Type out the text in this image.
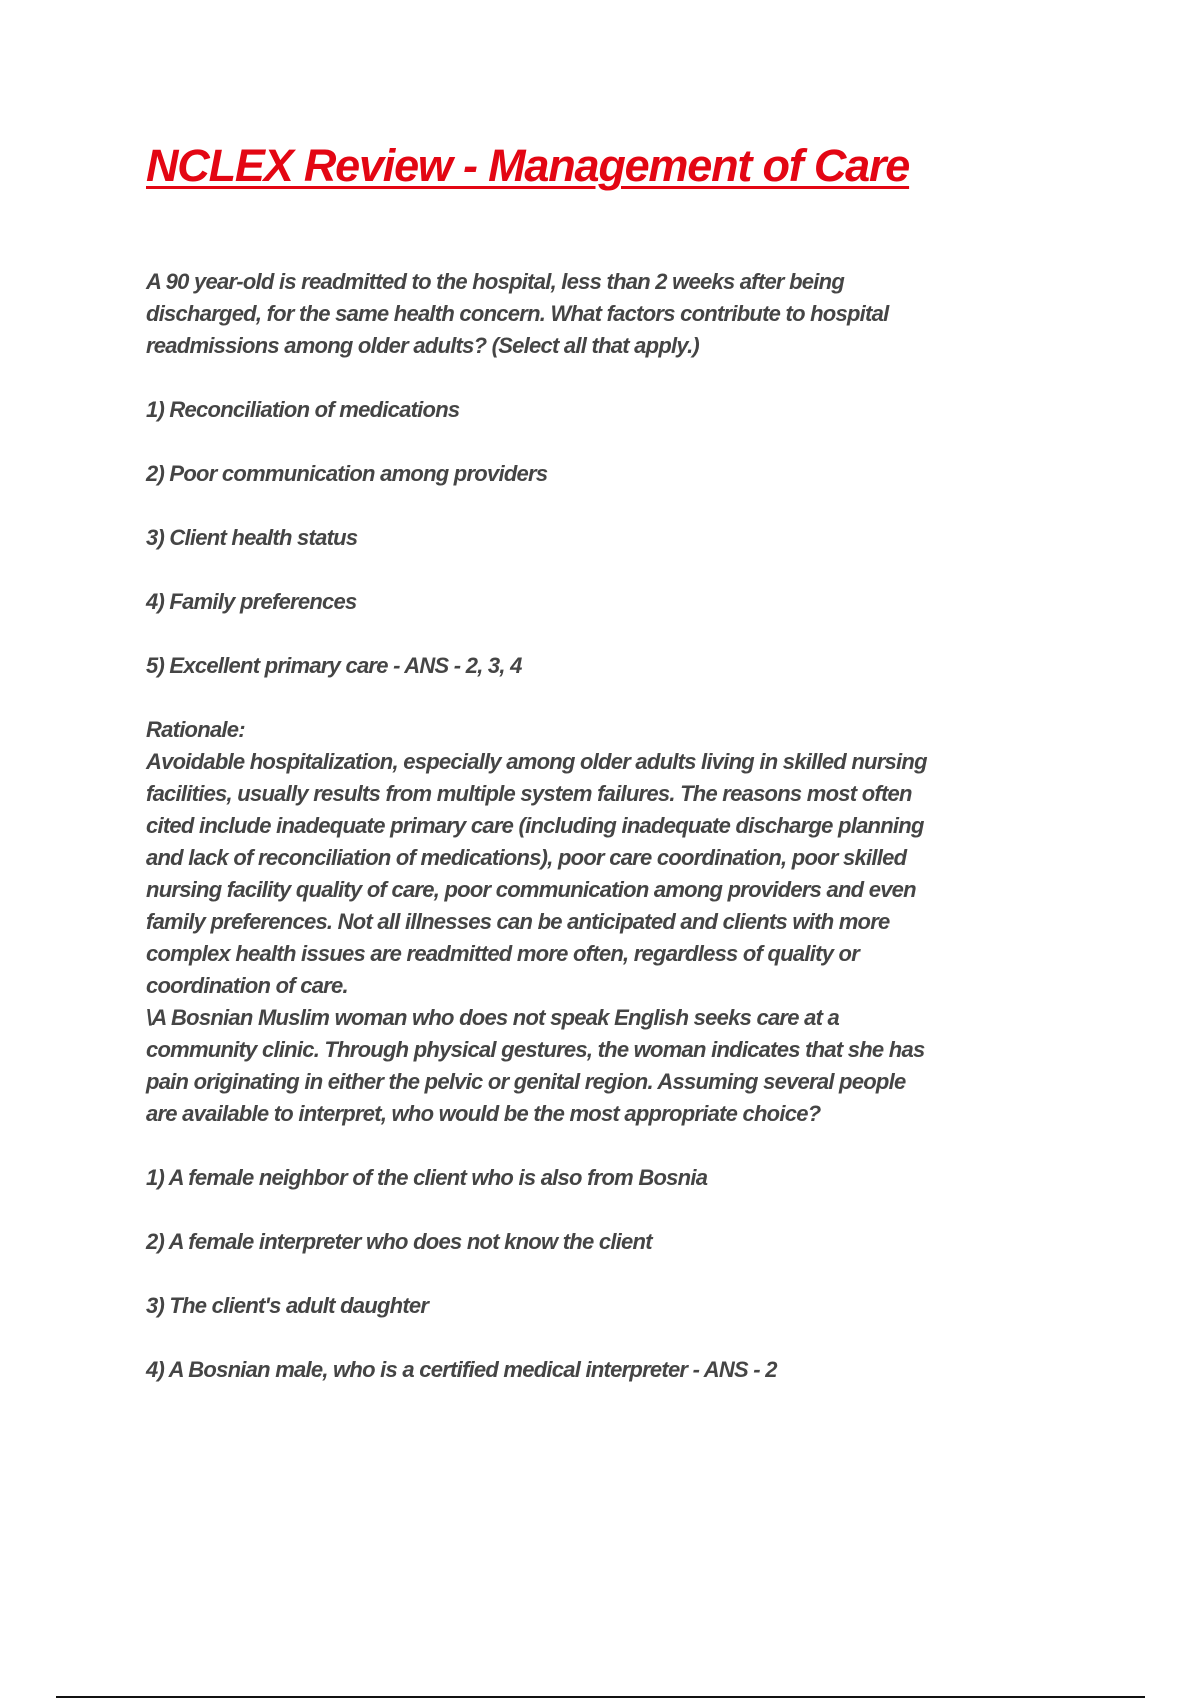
NCLEX Review - Management of Care
A 90 year-old is readmitted to the hospital, less than 2 weeks after being
discharged, for the same health concern. What factors contribute to hospital
readmissions among older adults? (Select all that apply.)
1) Reconciliation of medications
2) Poor communication among providers
3) Client health status
4) Family preferences
5) Excellent primary care - ANS - 2, 3, 4
Rationale:
Avoidable hospitalization, especially among older adults living in skilled nursing
facilities, usually results from multiple system failures. The reasons most often
cited include inadequate primary care (including inadequate discharge planning
and lack of reconciliation of medications), poor care coordination, poor skilled
nursing facility quality of care, poor communication among providers and even
family preferences. Not all illnesses can be anticipated and clients with more
complex health issues are readmitted more often, regardless of quality or
coordination of care.
\A Bosnian Muslim woman who does not speak English seeks care at a
community clinic. Through physical gestures, the woman indicates that she has
pain originating in either the pelvic or genital region. Assuming several people
are available to interpret, who would be the most appropriate choice?
1) A female neighbor of the client who is also from Bosnia
2) A female interpreter who does not know the client
3) The client's adult daughter
4) A Bosnian male, who is a certified medical interpreter - ANS - 2
